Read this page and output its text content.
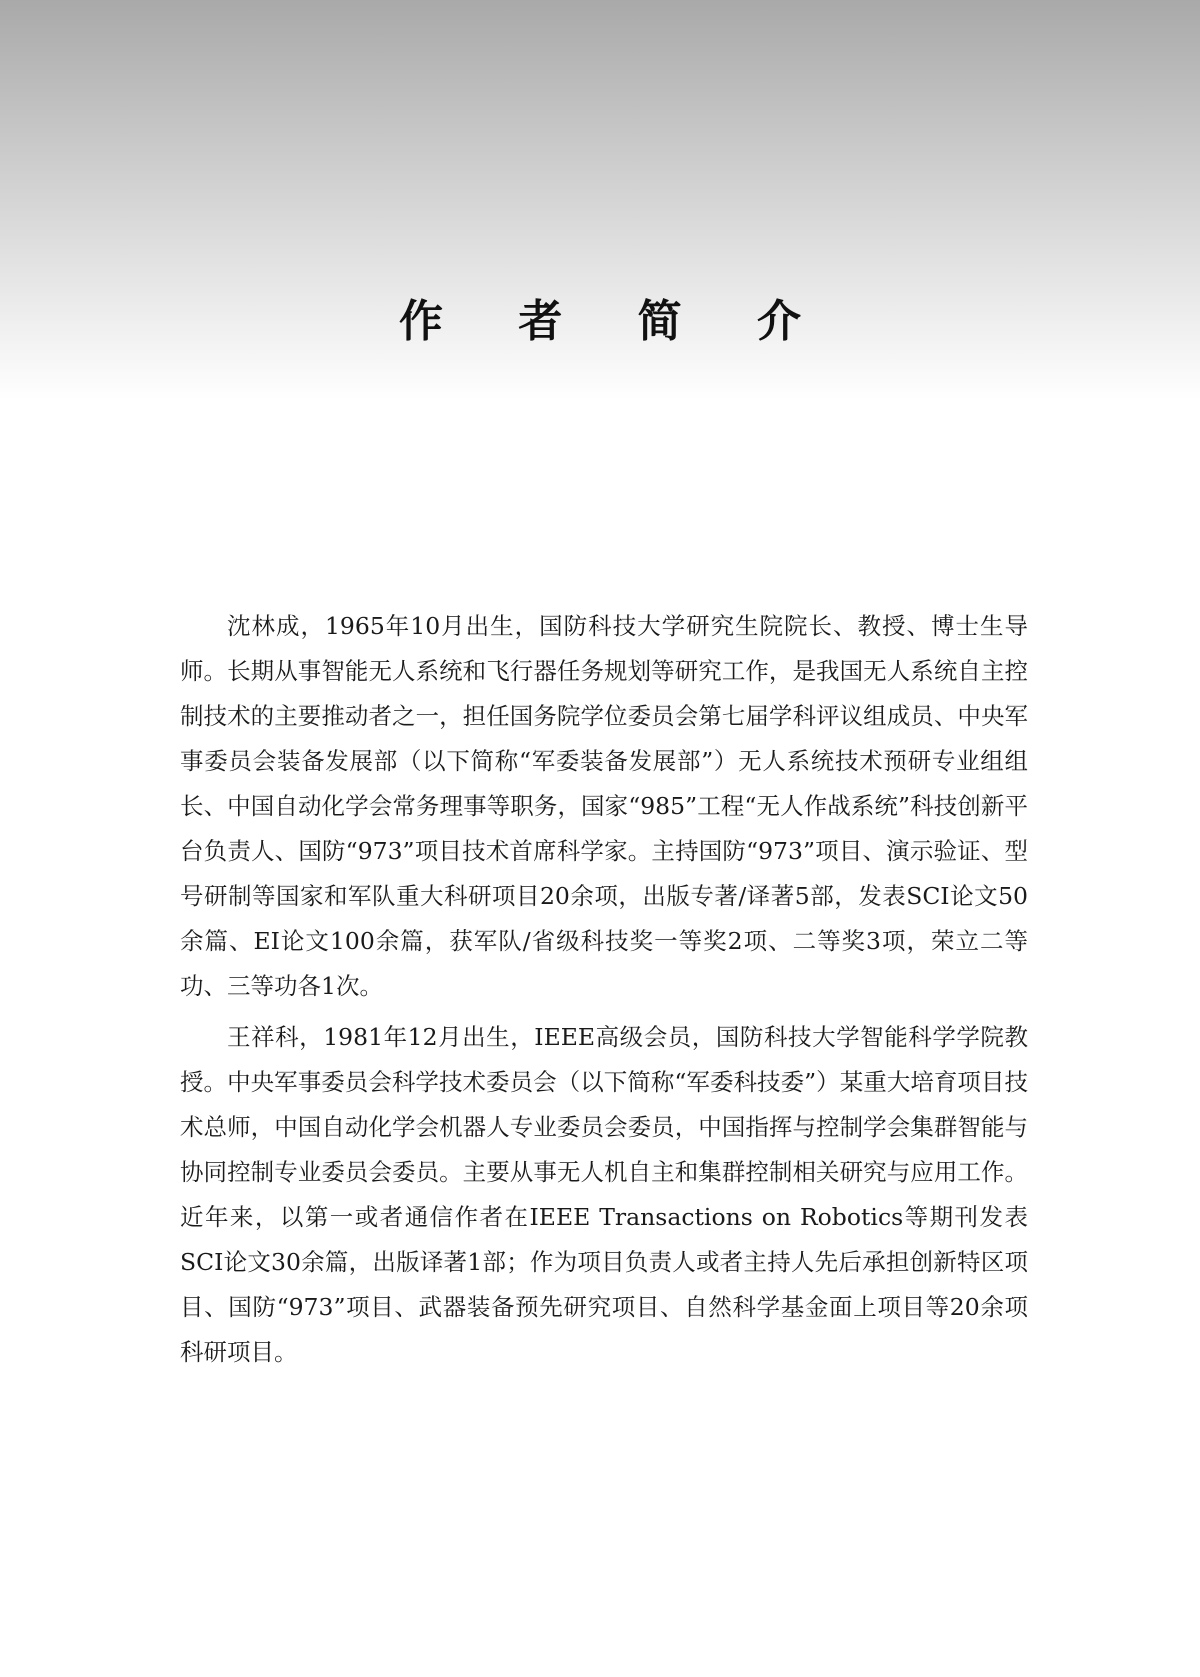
作 者 简 介

沈林成，1965年10月出生，国防科技大学研究生院院长、教授、博士生导师。长期从事智能无人系统和飞行器任务规划等研究工作，是我国无人系统自主控制技术的主要推动者之一，担任国务院学位委员会第七届学科评议组成员、中央军事委员会装备发展部（以下简称“军委装备发展部”）无人系统技术预研专业组组长、中国自动化学会常务理事等职务，国家“985”工程“无人作战系统”科技创新平台负责人、国防“973”项目技术首席科学家。主持国防“973”项目、演示验证、型号研制等国家和军队重大科研项目20余项，出版专著/译著5部，发表SCI论文50余篇、EI论文100余篇，获军队/省级科技奖一等奖2项、二等奖3项，荣立二等功、三等功各1次。

王祥科，1981年12月出生，IEEE高级会员，国防科技大学智能科学学院教授。中央军事委员会科学技术委员会（以下简称“军委科技委”）某重大培育项目技术总师，中国自动化学会机器人专业委员会委员，中国指挥与控制学会集群智能与协同控制专业委员会委员。主要从事无人机自主和集群控制相关研究与应用工作。近年来，以第一或者通信作者在IEEE Transactions on Robotics等期刊发表SCI论文30余篇，出版译著1部；作为项目负责人或者主持人先后承担创新特区项目、国防“973”项目、武器装备预先研究项目、自然科学基金面上项目等20余项科研项目。
